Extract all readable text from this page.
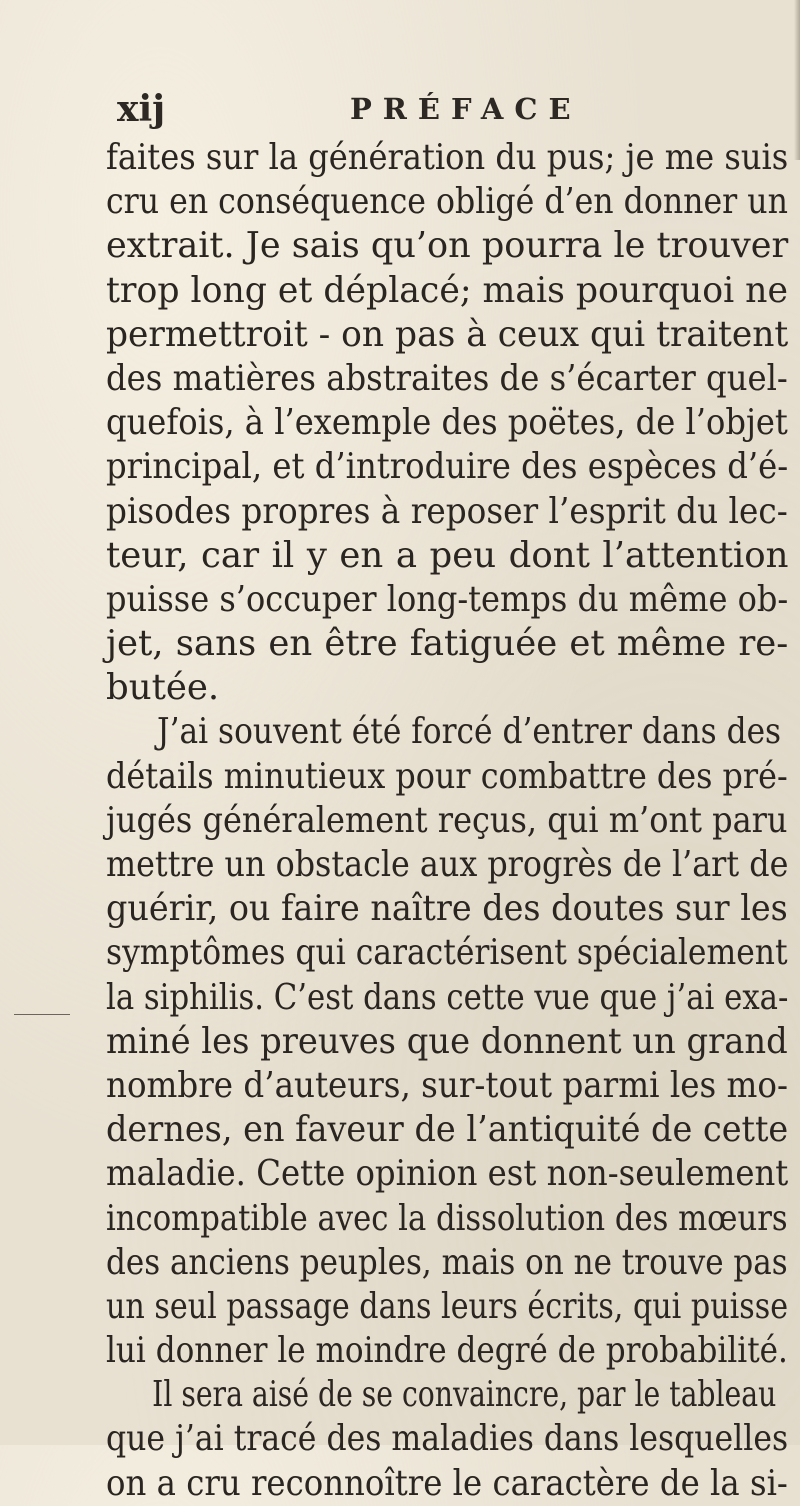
xij	PRÉFACE
faites sur la génération du pus; je me suis
cru en conséquence obligé d’en donner un
extrait. Je sais qu’on pourra le trouver
trop long et déplacé; mais pourquoi ne
permettroit - on pas à ceux qui traitent
des matières abstraites de s’écarter quel-
quefois, à l’exemple des poëtes, de l’objet
principal, et d’introduire des espèces d’é-
pisodes propres à reposer l’esprit du lec-
teur, car il y en a peu dont l’attention
puisse s’occuper long-temps du même ob-
jet, sans en être fatiguée et même re-
butée.
J’ai souvent été forcé d’entrer dans des
détails minutieux pour combattre des pré-
jugés généralement reçus, qui m’ont paru
mettre un obstacle aux progrès de l’art de
guérir, ou faire naître des doutes sur les
symptômes qui caractérisent spécialement
la siphilis. C’est dans cette vue que j’ai exa-
miné les preuves que donnent un grand
nombre d’auteurs, sur-tout parmi les mo-
dernes, en faveur de l’antiquité de cette
maladie. Cette opinion est non-seulement
incompatible avec la dissolution des mœurs
des anciens peuples, mais on ne trouve pas
un seul passage dans leurs écrits, qui puisse
lui donner le moindre degré de probabilité.
Il sera aisé de se convaincre, par le tableau
que j’ai tracé des maladies dans lesquelles
on a cru reconnoître le caractère de la si-
